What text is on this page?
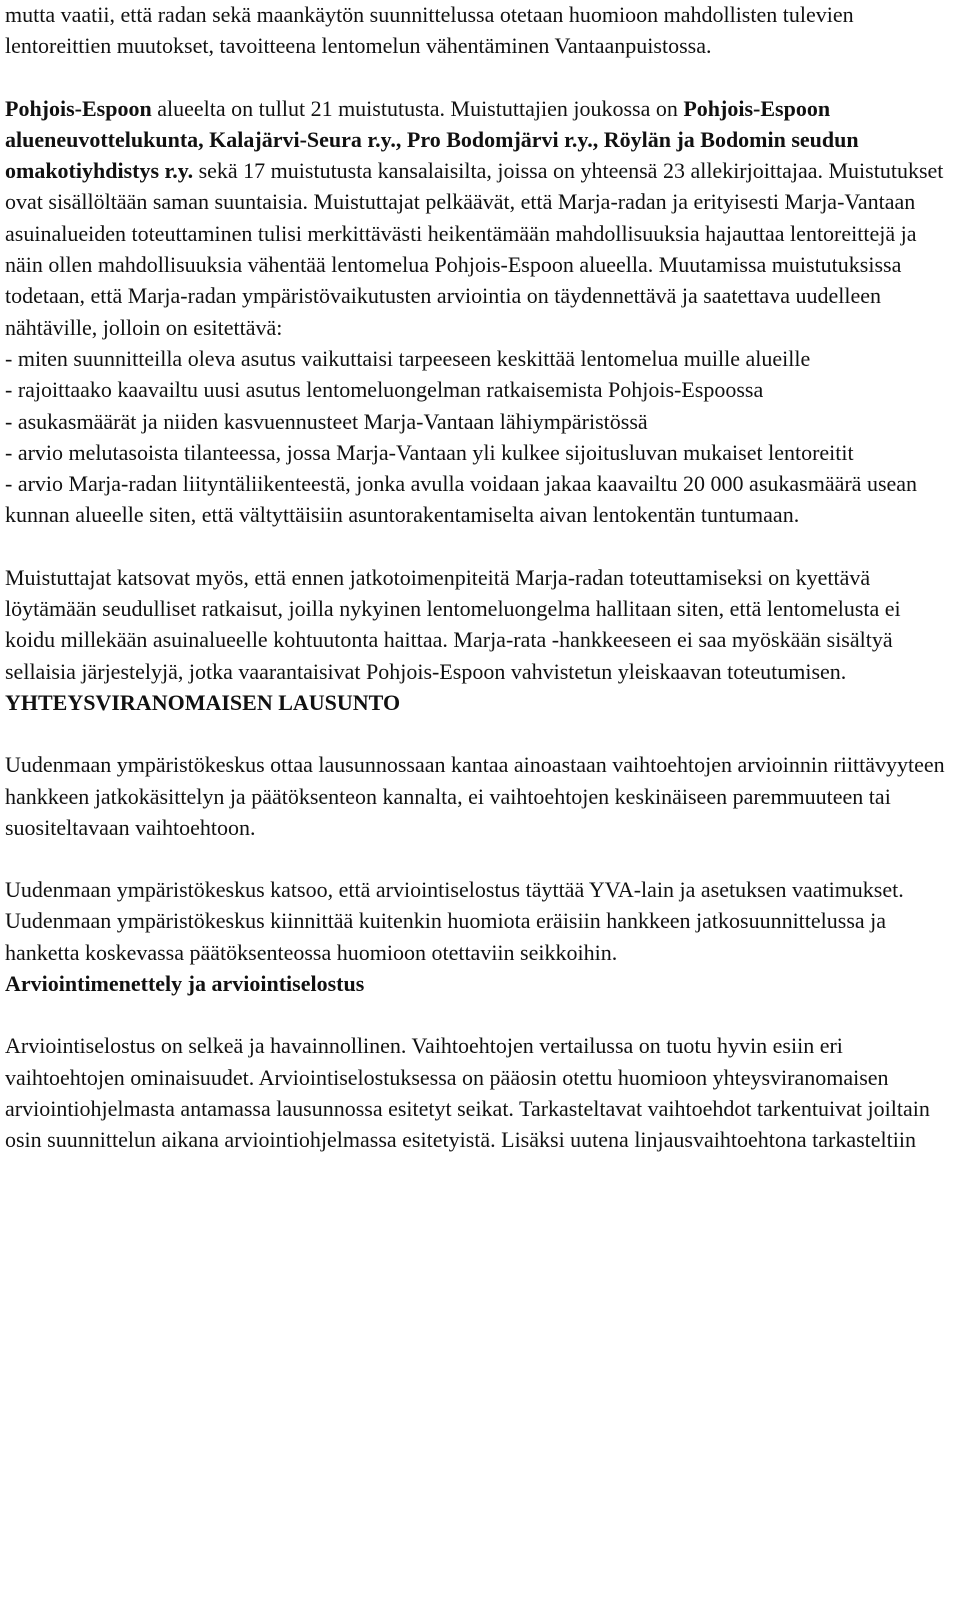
mutta vaatii, että radan sekä maankäytön suunnittelussa otetaan huomioon mahdollisten tulevien lentoreittien muutokset, tavoitteena lentomelun vähentäminen Vantaanpuistossa.

Pohjois-Espoon alueelta on tullut 21 muistutusta. Muistuttajien joukossa on Pohjois-Espoon alueneuvottelukunta, Kalajärvi-Seura r.y., Pro Bodomjärvi r.y., Röylän ja Bodomin seudun omakotiyhdistys r.y. sekä 17 muistutusta kansalaisilta, joissa on yhteensä 23 allekirjoittajaa. Muistutukset ovat sisällöltään saman suuntaisia. Muistuttajat pelkäävät, että Marja-radan ja erityisesti Marja-Vantaan asuinalueiden toteuttaminen tulisi merkittävästi heikentämään mahdollisuuksia hajauttaa lentoreittejä ja näin ollen mahdollisuuksia vähentää lentomelua Pohjois-Espoon alueella. Muutamissa muistutuksissa todetaan, että Marja-radan ympäristövaikutusten arviointia on täydennettävä ja saatettava uudelleen nähtäville, jolloin on esitettävä:

- miten suunnitteilla oleva asutus vaikuttaisi tarpeeseen keskittää lentomelua muille alueille

- rajoittaako kaavailtu uusi asutus lentomeluongelman ratkaisemista Pohjois-Espoossa

- asukasmäärät ja niiden kasvuennusteet Marja-Vantaan lähiympäristössä

- arvio melutasoista tilanteessa, jossa Marja-Vantaan yli kulkee sijoitusluvan mukaiset lentoreitit

- arvio Marja-radan liityntäliikenteestä, jonka avulla voidaan jakaa kaavailtu 20 000 asukasmäärä usean kunnan alueelle siten, että vältyttäisiin asuntorakentamiselta aivan lentokentän tuntumaan.

Muistuttajat katsovat myös, että ennen jatkotoimenpiteitä Marja-radan toteuttamiseksi on kyettävä löytämään seudulliset ratkaisut, joilla nykyinen lentomeluongelma hallitaan siten, että lentomelusta ei koidu millekään asuinalueelle kohtuutonta haittaa. Marja-rata -hankkeeseen ei saa myöskään sisältyä sellaisia järjestelyjä, jotka vaarantaisivat Pohjois-Espoon vahvistetun yleiskaavan toteutumisen.

YHTEYSVIRANOMAISEN LAUSUNTO

Uudenmaan ympäristökeskus ottaa lausunnossaan kantaa ainoastaan vaihtoehtojen arvioinnin riittävyyteen hankkeen jatkokäsittelyn ja päätöksenteon kannalta, ei vaihtoehtojen keskinäiseen paremmuuteen tai suositeltavaan vaihtoehtoon.

Uudenmaan ympäristökeskus katsoo, että arviointiselostus täyttää YVA-lain ja asetuksen vaatimukset. Uudenmaan ympäristökeskus kiinnittää kuitenkin huomiota eräisiin hankkeen jatkosuunnittelussa ja hanketta koskevassa päätöksenteossa huomioon otettaviin seikkoihin.

Arviointimenettely ja arviointiselostus

Arviointiselostus on selkeä ja havainnollinen. Vaihtoehtojen vertailussa on tuotu hyvin esiin eri vaihtoehtojen ominaisuudet. Arviointiselostuksessa on pääosin otettu huomioon yhteysviranomaisen arviointiohjelmasta antamassa lausunnossa esitetyt seikat. Tarkasteltavat vaihtoehdot tarkentuivat joiltain osin suunnittelun aikana arviointiohjelmassa esitetyistä. Lisäksi uutena linjausvaihtoehtona tarkasteltiin
